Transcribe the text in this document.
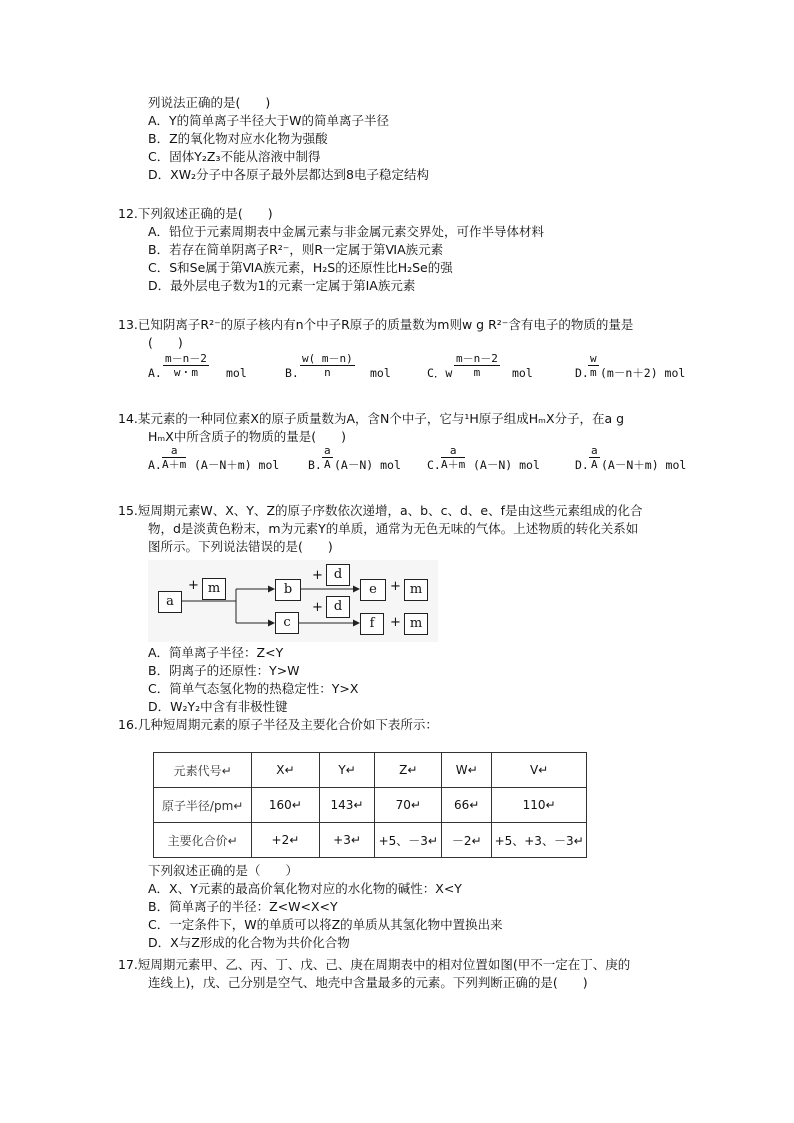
列说法正确的是(　　)
A．Y的简单离子半径大于W的简单离子半径
B．Z的氧化物对应水化物为强酸
C．固体Y₂Z₃不能从溶液中制得
D．XW₂分子中各原子最外层都达到8电子稳定结构
12.下列叙述正确的是(　　)
A．铅位于元素周期表中金属元素与非金属元素交界处，可作半导体材料
B．若存在简单阴离子R²⁻，则R一定属于第ⅥA族元素
C．S和Se属于第ⅥA族元素，H₂S的还原性比H₂Se的强
D．最外层电子数为1的元素一定属于第ⅠA族元素
13.已知阴离子R²⁻的原子核内有n个中子R原子的质量数为m则w g R²⁻含有电子的物质的量是
(　　)
A.
m－n－2
w・m	mol	B.
w( m－n)
n	mol	C．w
m－n－2
m	mol	D.
w
m (m－n＋2) mol
14.某元素的一种同位素X的原子质量数为A，含N个中子，它与¹H原子组成HₘX分子，在a g
HₘX中所含质子的物质的量是(　　)
A.
a
A＋m (A－N＋m) mol B.
a
A (A－N) mol C.
a
A＋m (A－N) mol	D.
a
A (A－N＋m) mol
15.短周期元素W、X、Y、Z的原子序数依次递增，a、b、c、d、e、f是由这些元素组成的化合
物，d是淡黄色粉末，m为元素Y的单质，通常为无色无味的气体。上述物质的转化关系如
图所示。下列说法错误的是(　　)
a
+ m	b
+ d
e	+ m
c
+ d
f	+ m
A．简单离子半径：Z<Y
B．阴离子的还原性：Y>W
C．简单气态氢化物的热稳定性：Y>X
D．W₂Y₂中含有非极性键
16.几种短周期元素的原子半径及主要化合价如下表所示：
元素代号↵	X↵	Y↵	Z↵	W↵	V↵
原子半径/pm↵	160↵	143↵	70↵	66↵	110↵
主要化合价↵	+2↵	+3↵	+5、－3↵	－2↵	+5、+3、－3↵
下列叙述正确的是（　　）
A．X、Y元素的最高价氧化物对应的水化物的碱性：X<Y
B．简单离子的半径：Z<W<X<Y
C．一定条件下，W的单质可以将Z的单质从其氢化物中置换出来
D．X与Z形成的化合物为共价化合物
17.短周期元素甲、乙、丙、丁、戊、己、庚在周期表中的相对位置如图(甲不一定在丁、庚的
连线上)，戊、己分别是空气、地壳中含量最多的元素。下列判断正确的是(　　)
